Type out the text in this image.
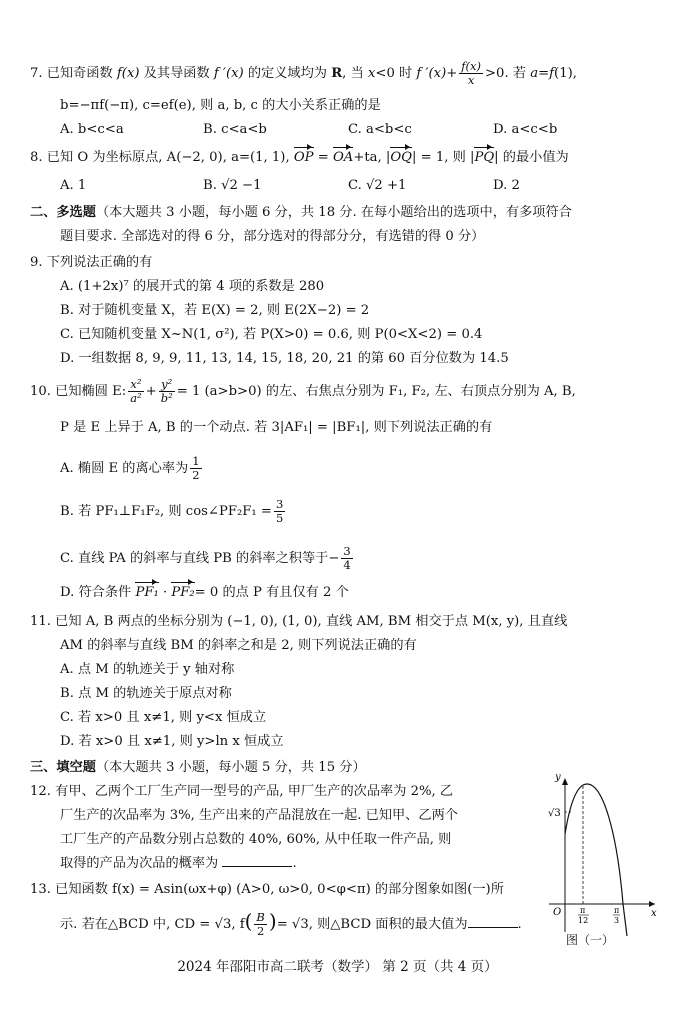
7. 已知奇函数 f(x) 及其导函数 f ′(x) 的定义域均为 R, 当 x<0 时 f $'(x)+ \frac{f(x)}{x} >0$. 若 a=f(1),
b=−πf(−π), c=ef(e), 则 a, b, c 的大小关系正确的是
A. b<c<a	B. c<a<b	C. a<b<c	D. a<c<b
8. 已知 O 为坐标原点, A(−2, 0), a=(1, 1), OP = OA+ta, |OQ| = 1, 则 |PQ| 的最小值为
A. 1	B. √2 −1	C. √2 +1	D. 2
二、多选题（本大题共 3 小题，每小题 6 分，共 18 分. 在每小题给出的选项中，有多项符合
题目要求. 全部选对的得 6 分，部分选对的得部分分，有选错的得 0 分）
9. 下列说法正确的有
A. (1+2x)⁷ 的展开式的第 4 项的系数是 280
B. 对于随机变量 X，若 E(X) = 2, 则 E(2X−2) = 2
C. 已知随机变量 X~N(1, σ²), 若 P(X>0) = 0.6, 则 P(0<X<2) = 0.4
D. 一组数据 8, 9, 9, 11, 13, 14, 15, 18, 20, 21 的第 60 百分位数为 14.5
10. 已知椭圆 E: $\frac{\text{x²}}{\text{a²}} + \frac{\text{y²}}{\text{b²}} = 1$ (a>b>0) 的左、右焦点分别为 F₁, F₂, 左、右顶点分别为 A, B,
P 是 E 上异于 A, B 的一个动点. 若 3|AF₁| = |BF₁|, 则下列说法正确的有
A. 椭圆 E 的离心率为 $\frac{1}{2}$
B. 若 PF₁⊥F₁F₂, 则 cos∠PF₂F₁ = $\frac{3}{5}$
C. 直线 PA 的斜率与直线 PB 的斜率之积等于− $\frac{3}{4}$
D. 符合条件 PF₁ · PF₂= 0 的点 P 有且仅有 2 个
11. 已知 A, B 两点的坐标分别为 (−1, 0), (1, 0), 直线 AM, BM 相交于点 M(x, y), 且直线
AM 的斜率与直线 BM 的斜率之和是 2, 则下列说法正确的有
A. 点 M 的轨迹关于 y 轴对称
B. 点 M 的轨迹关于原点对称
C. 若 x>0 且 x≠1, 则 y<x 恒成立
D. 若 x>0 且 x≠1, 则 y>ln x 恒成立
三、填空题（本大题共 3 小题，每小题 5 分，共 15 分）
12. 有甲、乙两个工厂生产同一型号的产品, 甲厂生产的次品率为 2%, 乙
厂生产的次品率为 3%, 生产出来的产品混放在一起. 已知甲、乙两个
工厂生产的产品数分别占总数的 40%, 60%, 从中任取一件产品, 则
取得的产品为次品的概率为	.
13. 已知函数 f(x) = Asin(ωx+φ) (A>0, ω>0, 0<φ<π) 的部分图象如图(一)所
示. 若在△BCD 中, CD = √3, $f( \frac{B}{2}$ )= √3, 则△BCD 面积的最大值为	.
y
x
O
√3
π
12
π
3
图（一）
2024 年邵阳市高二联考（数学） 第 2 页（共 4 页）
